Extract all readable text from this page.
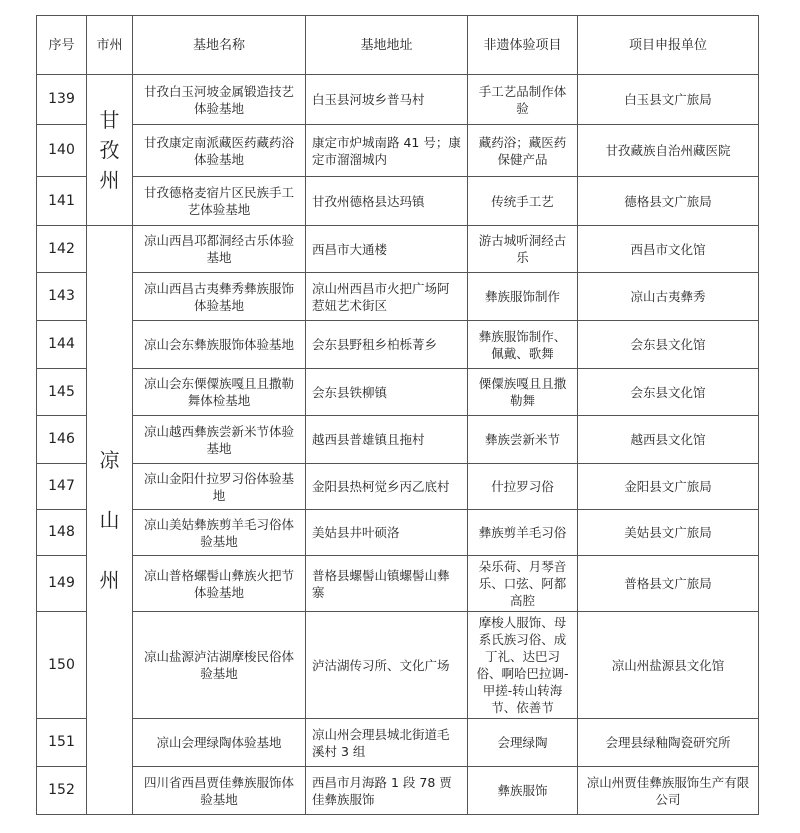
序号	市州	基地名称	基地地址	非遗体验项目	项目申报单位
139	甘孜州	甘孜白玉河坡金属锻造技艺体验基地	白玉县河坡乡普马村	手工艺品制作体验	白玉县文广旅局
140		甘孜康定南派藏医药藏药浴体验基地	康定市炉城南路 41 号；康定市溜溜城内	藏药浴；藏医药保健产品	甘孜藏族自治州藏医院
141		甘孜德格麦宿片区民族手工艺体验基地	甘孜州德格县达玛镇	传统手工艺	德格县文广旅局
142	凉山州	凉山西昌邛都洞经古乐体验基地	西昌市大通楼	游古城听洞经古乐	西昌市文化馆
143		凉山西昌古夷彝秀彝族服饰体验基地	凉山州西昌市火把广场阿惹妞艺术街区	彝族服饰制作	凉山古夷彝秀
144		凉山会东彝族服饰体验基地	会东县野租乡柏栎菁乡	彝族服饰制作、佩戴、歌舞	会东县文化馆
145		凉山会东傈僳族嘎且且撒勒舞体检基地	会东县铁柳镇	傈僳族嘎且且撒勒舞	会东县文化馆
146		凉山越西彝族尝新米节体验基地	越西县普雄镇且拖村	彝族尝新米节	越西县文化馆
147		凉山金阳什拉罗习俗体验基地	金阳县热柯觉乡丙乙底村	什拉罗习俗	金阳县文广旅局
148		凉山美姑彝族剪羊毛习俗体验基地	美姑县井叶硕洛	彝族剪羊毛习俗	美姑县文广旅局
149		凉山普格螺髻山彝族火把节体验基地	普格县螺髻山镇螺髻山彝寨	朵乐荷、月琴音乐、口弦、阿都高腔	普格县文广旅局
150		凉山盐源泸沽湖摩梭民俗体验基地	泸沽湖传习所、文化广场	摩梭人服饰、母系氏族习俗、成丁礼、达巴习俗、啊哈巴拉调-甲搓-转山转海节、依善节	凉山州盐源县文化馆
151		凉山会理绿陶体验基地	凉山州会理县城北街道毛溪村 3 组	会理绿陶	会理县绿釉陶瓷研究所
152		四川省西昌贾佳彝族服饰体验基地	西昌市月海路 1 段 78 贾佳彝族服饰	彝族服饰	凉山州贾佳彝族服饰生产有限公司
